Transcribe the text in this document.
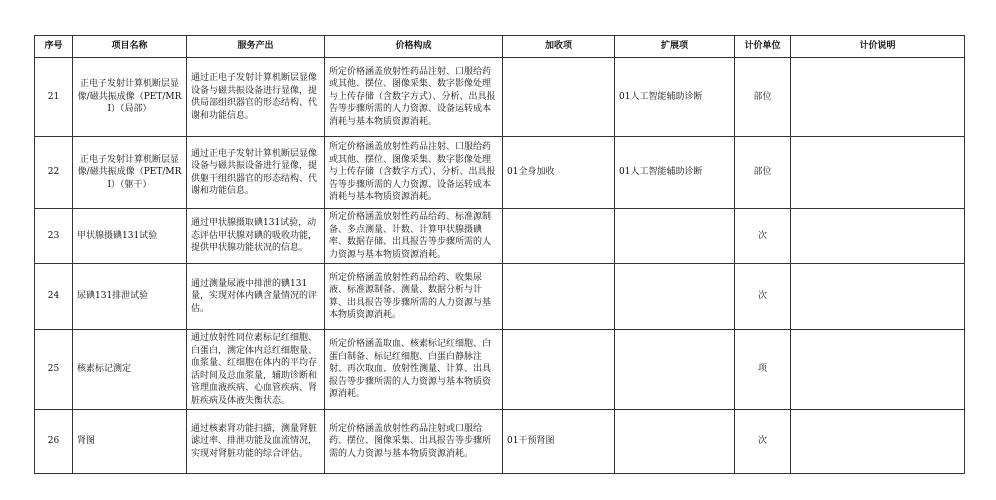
序号	项目名称	服务产出	价格构成	加收项	扩展项	计价单位	计价说明
21	正电子发射计算机断层显像/磁共振成像（PET/MRI）（局部）	通过正电子发射计算机断层显像设备与磁共振设备进行显像，提供局部组织器官的形态结构、代谢和功能信息。	所定价格涵盖放射性药品注射、口服给药或其他、摆位、图像采集、数字影像处理与上传存储（含数字方式）、分析、出具报告等步骤所需的人力资源、设备运转成本消耗与基本物质资源消耗。		01人工智能辅助诊断	部位	
22	正电子发射计算机断层显像/磁共振成像（PET/MRI）（躯干）	通过正电子发射计算机断层显像设备与磁共振设备进行显像，提供躯干组织器官的形态结构、代谢和功能信息。	所定价格涵盖放射性药品注射、口服给药或其他、摆位、图像采集、数字影像处理与上传存储（含数字方式）、分析、出具报告等步骤所需的人力资源、设备运转成本消耗与基本物质资源消耗。	01全身加收	01人工智能辅助诊断	部位	
23	甲状腺摄碘131试验	通过甲状腺摄取碘131试验，动态评估甲状腺对碘的吸收功能，提供甲状腺功能状况的信息。	所定价格涵盖放射性药品给药、标准源制备、多点测量、计数、计算甲状腺摄碘率、数据存储、出具报告等步骤所需的人力资源与基本物质资源消耗。			次	
24	尿碘131排泄试验	通过测量尿液中排泄的碘131量，实现对体内碘含量情况的评估。	所定价格涵盖放射性药品给药、收集尿液、标准源制备、测量、数据分析与计算、出具报告等步骤所需的人力资源与基本物质资源消耗。			次	
25	核素标记测定	通过放射性同位素标记红细胞、白蛋白，测定体内总红细胞量、血浆量、红细胞在体内的平均存活时间及总血浆量，辅助诊断和管理血液疾病、心血管疾病、肾脏疾病及体液失衡状态。	所定价格涵盖取血、核素标记红细胞、白蛋白制备、标记红细胞、白蛋白静脉注射、再次取血、放射性测量、计算、出具报告等步骤所需的人力资源与基本物质资源消耗。			项	
26	肾图	通过核素肾功能扫描，测量肾脏滤过率、排泄功能及血流情况，实现对肾脏功能的综合评估。	所定价格涵盖放射性药品注射或口服给药、摆位、图像采集、出具报告等步骤所需的人力资源与基本物质资源消耗。	01干预肾图		次	
